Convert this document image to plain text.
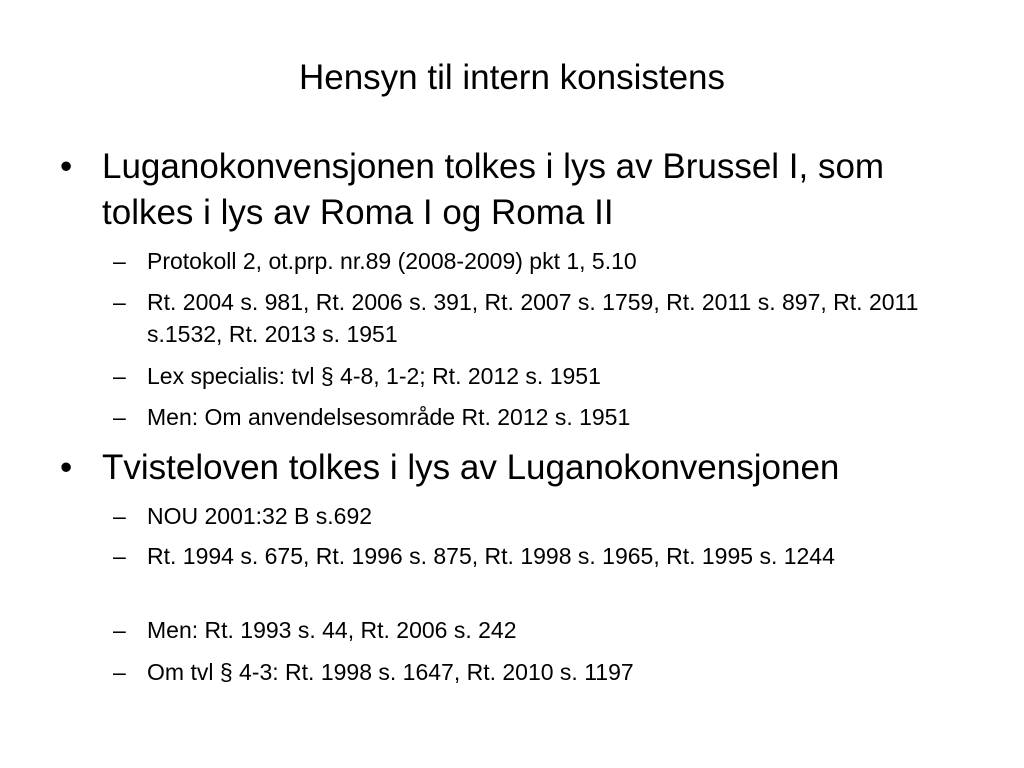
Hensyn til intern konsistens
• Luganokonvensjonen tolkes i lys av Brussel I, som tolkes i lys av Roma I og Roma II
– Protokoll 2, ot.prp. nr.89 (2008-2009) pkt 1, 5.10
– Rt. 2004 s. 981, Rt. 2006 s. 391, Rt. 2007 s. 1759, Rt. 2011 s. 897, Rt. 2011 s.1532, Rt. 2013 s. 1951
– Lex specialis: tvl § 4-8, 1-2; Rt. 2012 s. 1951
– Men: Om anvendelsesområde Rt. 2012 s. 1951
• Tvisteloven tolkes i lys av Luganokonvensjonen
– NOU 2001:32 B s.692
– Rt. 1994 s. 675, Rt. 1996 s. 875, Rt. 1998 s. 1965, Rt. 1995 s. 1244
– Men: Rt. 1993 s. 44, Rt. 2006 s. 242
– Om tvl § 4-3: Rt. 1998 s. 1647, Rt. 2010 s. 1197
